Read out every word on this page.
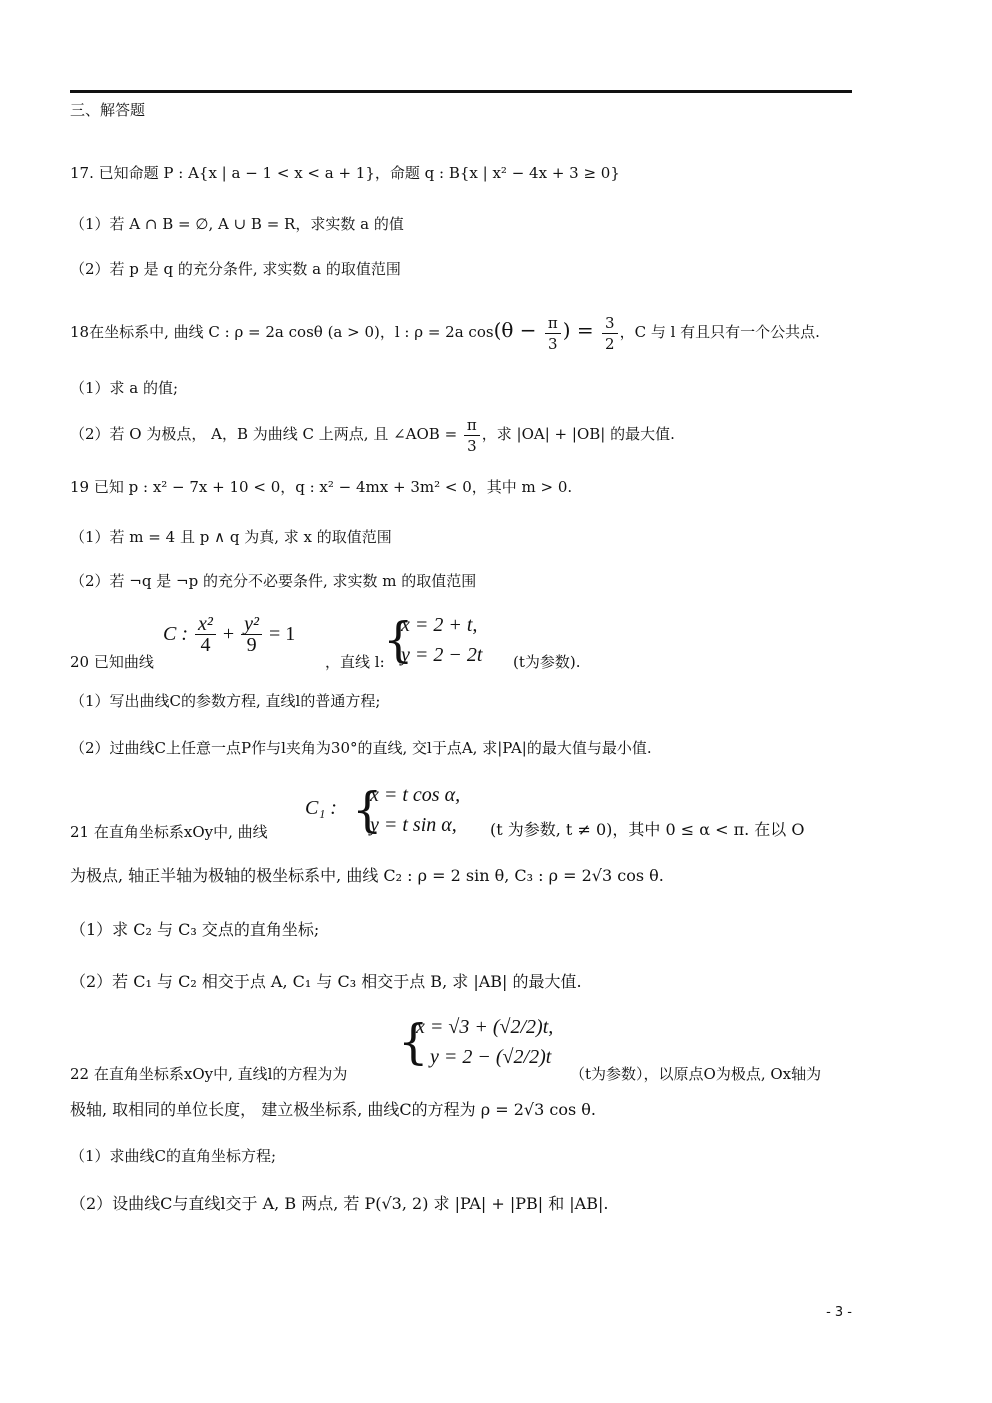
三、解答题
17. 已知命题 P : A{x | a − 1 < x < a + 1}，命题 q : B{x | x² − 4x + 3 ≥ 0}
（1）若 A ∩ B = ∅, A ∪ B = R，求实数 a 的值
（2）若 p 是 q 的充分条件, 求实数 a 的取值范围
18在坐标系中, 曲线 C : ρ = 2a cosθ (a > 0)，l : ρ = 2a $\cos(\theta - \frac{\pi}{3}$ ) = $\frac{3}{2}$ ，C 与 l 有且只有一个公共点.
（1）求 a 的值;
（2）若 O 为极点， A，B 为曲线 C 上两点, 且 ∠AOB = $\frac{\pi}{3}$ ，求 |OA| + |OB| 的最大值.
19 已知 p : x² − 7x + 10 < 0，q : x² − 4mx + 3m² < 0，其中 m > 0.
（1）若 m = 4 且 p ∧ q 为真, 求 x 的取值范围
（2）若 ¬q 是 ¬p 的充分不必要条件, 求实数 m 的取值范围
20 已知曲线
C : $\frac{\text{x²}}{4} + \frac{\text{y²}}{9} = 1$
，直线 l:
{
x = 2 + t,
y = 2 − 2t (t为参数).
（1）写出曲线C的参数方程, 直线l的普通方程;
（2）过曲线C上任意一点P作与l夹角为30°的直线, 交l于点A, 求|PA|的最大值与最小值.
21 在直角坐标系xOy中, 曲线
C₁ : {
x = t cos α,
y = t sin α, (t 为参数, t ≠ 0)，其中 0 ≤ α < π. 在以 O
为极点, 轴正半轴为极轴的极坐标系中, 曲线 C₂ : ρ = 2 sin θ, C₃ : ρ = 2√3 cos θ.
（1）求 C₂ 与 C₃ 交点的直角坐标;
（2）若 C₁ 与 C₂ 相交于点 A, C₁ 与 C₃ 相交于点 B, 求 |AB| 的最大值.
22 在直角坐标系xOy中, 直线l的方程为为
{
x = √3 + (√2/2)t,
y = 2 − (√2/2)t
（t为参数），以原点O为极点, Ox轴为
极轴, 取相同的单位长度， 建立极坐标系, 曲线C的方程为 ρ = 2√3 cos θ.
（1）求曲线C的直角坐标方程;
（2）设曲线C与直线l交于 A, B 两点, 若 P(√3, 2) 求 |PA| + |PB| 和 |AB|.
- 3 -
